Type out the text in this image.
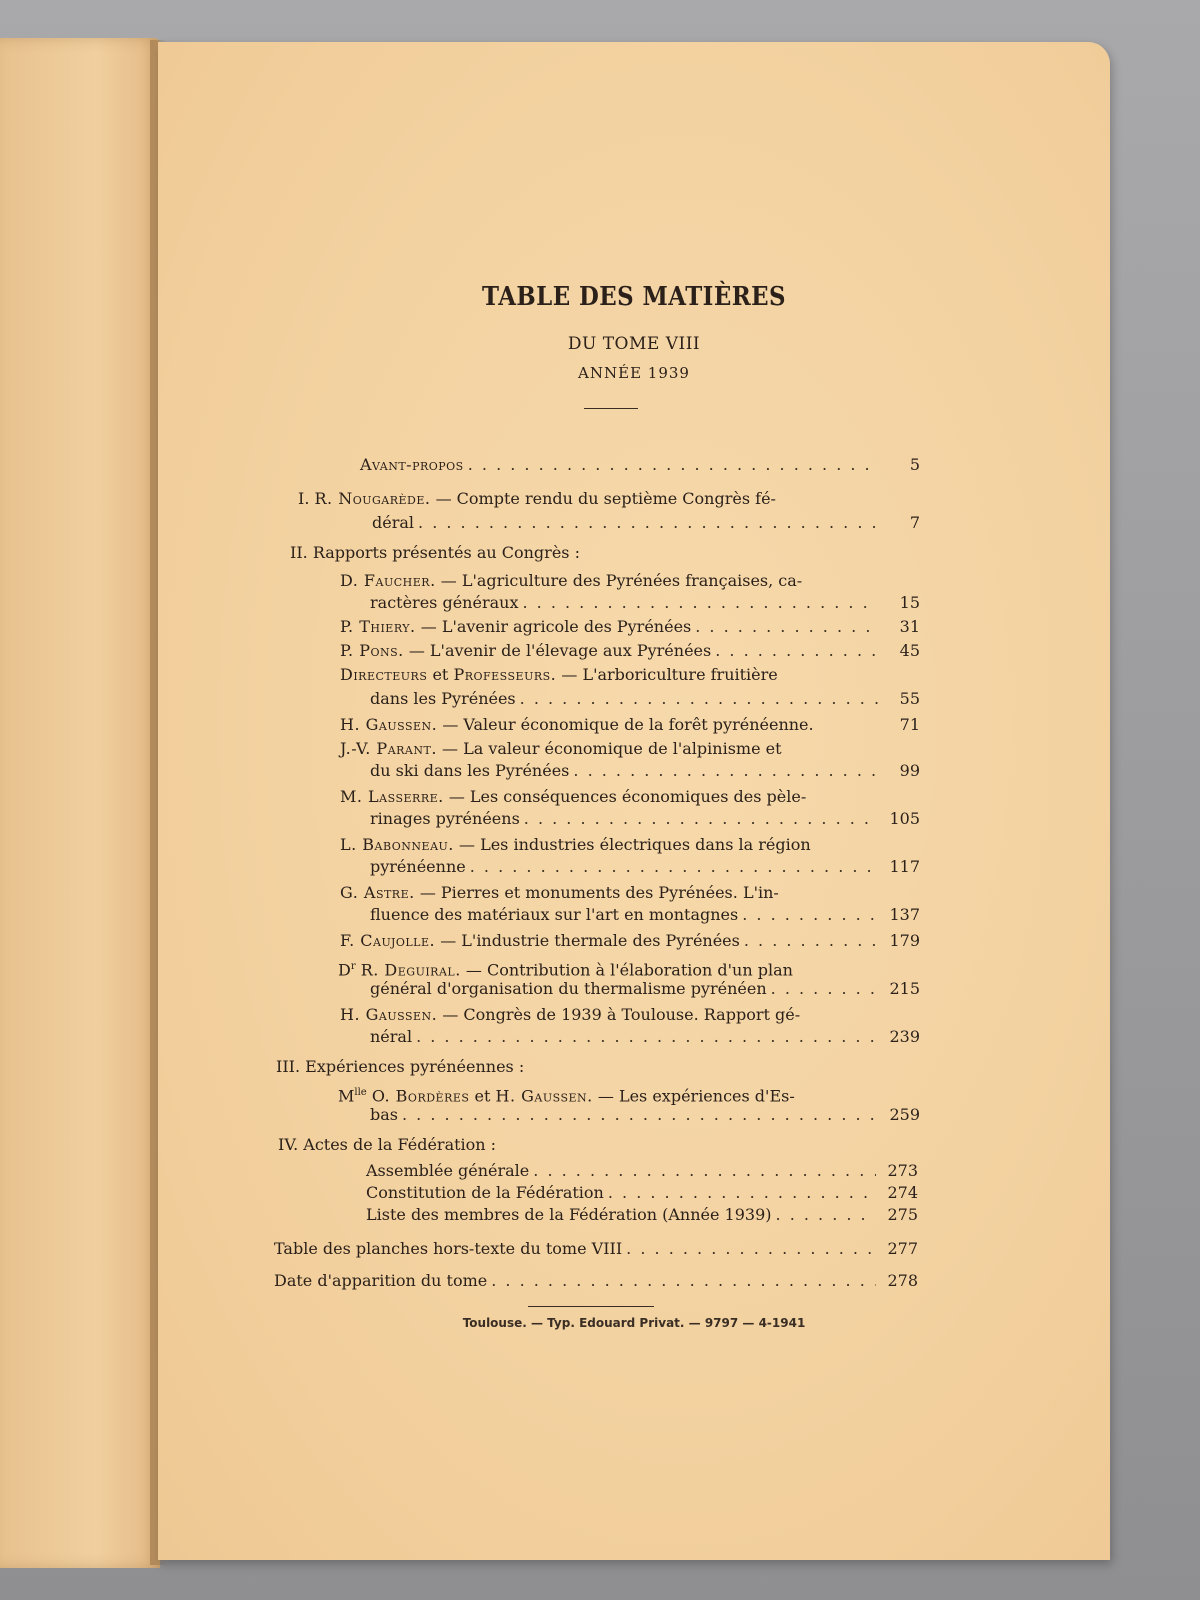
TABLE DES MATIÈRES
DU TOME VIII
ANNÉE 1939
Avant-propos . . .	5
I. R. Nougarède. — Compte rendu du septième Congrès fé-
déral . . .	7
II. Rapports présentés au Congrès :
D. Faucher. — L'agriculture des Pyrénées françaises, ca-
ractères généraux . . .	15
P. Thiery. — L'avenir agricole des Pyrénées . . .	31
P. Pons. — L'avenir de l'élevage aux Pyrénées . . .	45
Directeurs et Professeurs. — L'arboriculture fruitière
dans les Pyrénées . . .	55
H. Gaussen. — Valeur économique de la forêt pyrénéenne.	71
J.-V. Parant. — La valeur économique de l'alpinisme et
du ski dans les Pyrénées . . .	99
M. Lasserre. — Les conséquences économiques des pèle-
rinages pyrénéens . . .	105
L. Babonneau. — Les industries électriques dans la région
pyrénéenne . . .	117
G. Astre. — Pierres et monuments des Pyrénées. L'in-
fluence des matériaux sur l'art en montagnes . . .	137
F. Caujolle. — L'industrie thermale des Pyrénées . . .	179
$D^r$ R. Deguiral. — Contribution à l'élaboration d'un plan
général d'organisation du thermalisme pyrénéen . . .	215
H. Gaussen. — Congrès de 1939 à Toulouse. Rapport gé-
néral . . .	239
III. Expériences pyrénéennes :
$M^{lle}$ O. Bordères et H. Gaussen. — Les expériences d'Es-
bas . . .	259
IV. Actes de la Fédération :
Assemblée générale . . .	273
Constitution de la Fédération . . .	274
Liste des membres de la Fédération (Année 1939) . . .	275
Table des planches hors-texte du tome VIII . . .	277
Date d'apparition du tome . . .	278
Toulouse. — Typ. Edouard Privat. — 9797 — 4-1941
